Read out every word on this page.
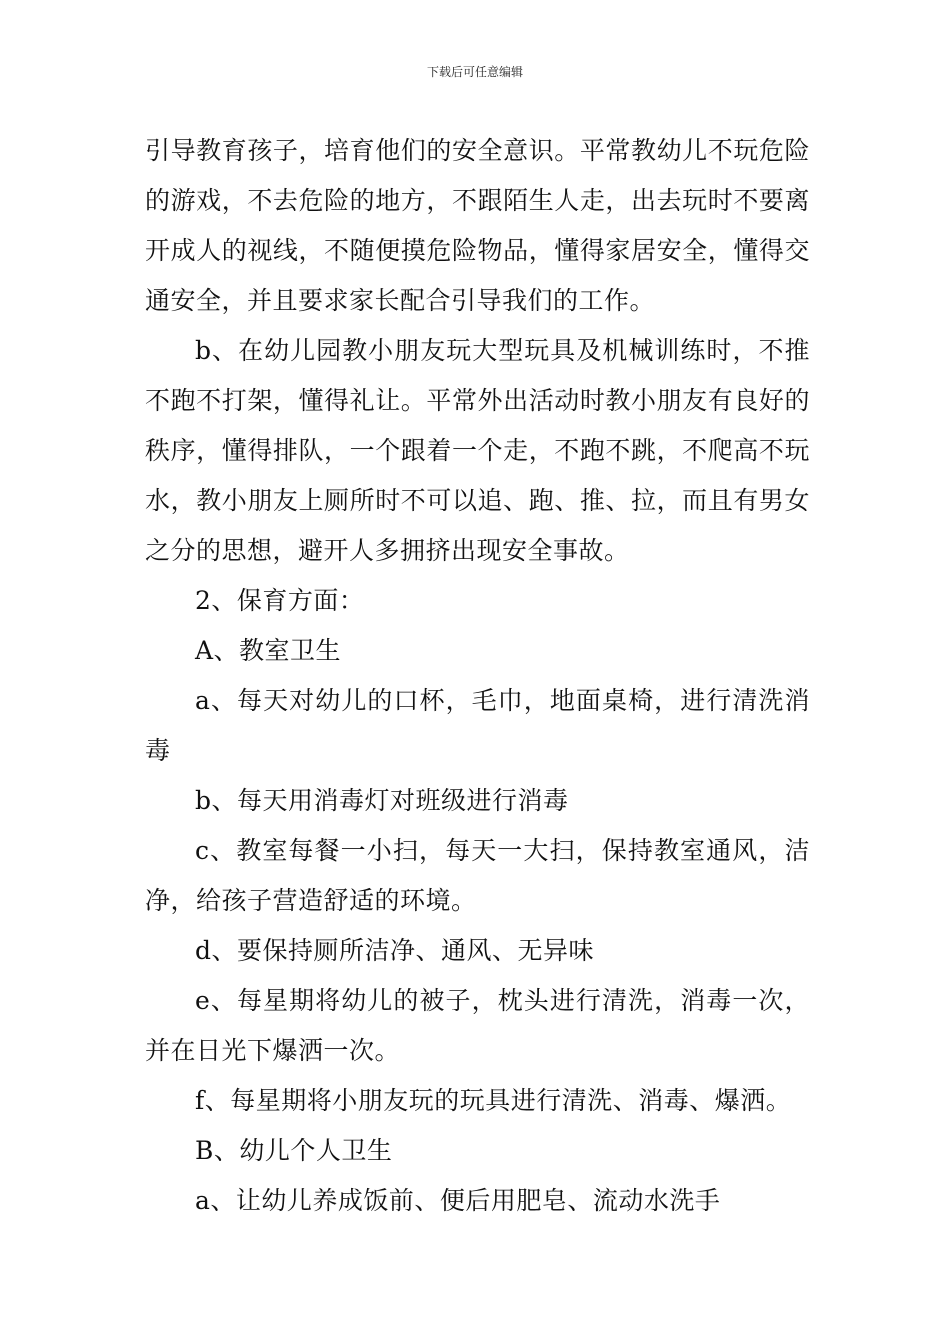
下载后可任意编辑

引导教育孩子，培育他们的安全意识。平常教幼儿不玩危险的游戏，不去危险的地方，不跟陌生人走，出去玩时不要离开成人的视线，不随便摸危险物品，懂得家居安全，懂得交通安全，并且要求家长配合引导我们的工作。

b、在幼儿园教小朋友玩大型玩具及机械训练时，不推不跑不打架，懂得礼让。平常外出活动时教小朋友有良好的秩序，懂得排队，一个跟着一个走，不跑不跳，不爬高不玩水，教小朋友上厕所时不可以追、跑、推、拉，而且有男女之分的思想，避开人多拥挤出现安全事故。

2、保育方面：

A、教室卫生

a、每天对幼儿的口杯，毛巾，地面桌椅，进行清洗消毒

b、每天用消毒灯对班级进行消毒

c、教室每餐一小扫，每天一大扫，保持教室通风，洁净，给孩子营造舒适的环境。

d、要保持厕所洁净、通风、无异味

e、每星期将幼儿的被子，枕头进行清洗，消毒一次，并在日光下爆洒一次。

f、每星期将小朋友玩的玩具进行清洗、消毒、爆洒。

B、幼儿个人卫生

a、让幼儿养成饭前、便后用肥皂、流动水洗手
